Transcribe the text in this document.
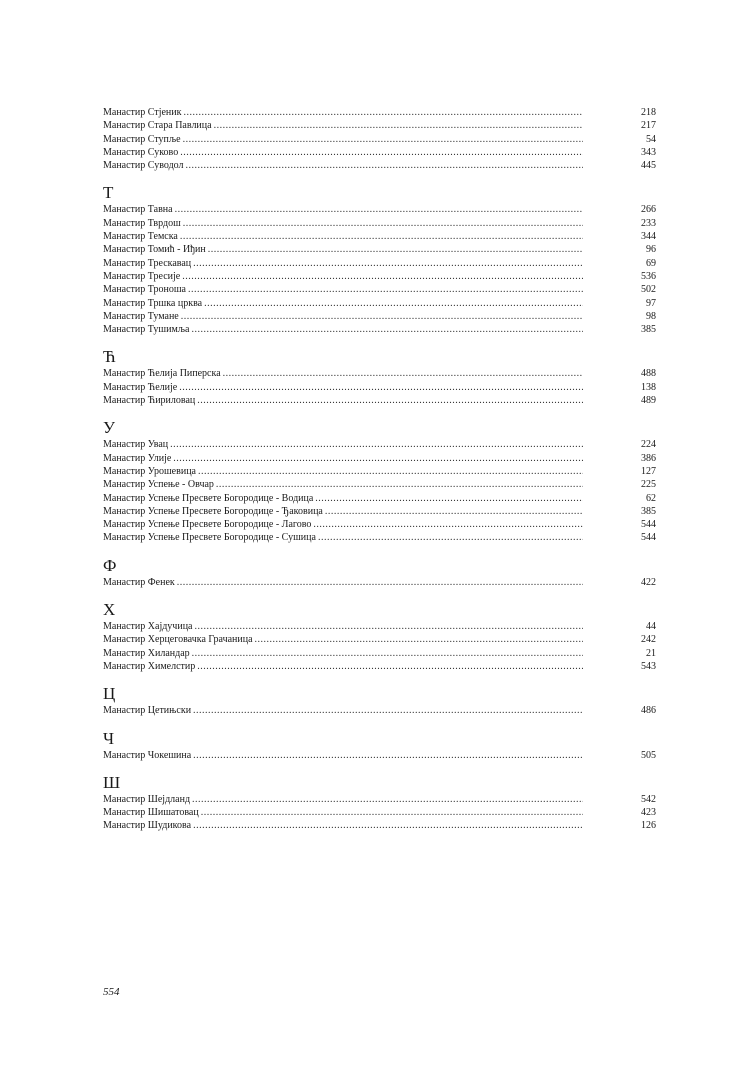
Манастир Стјеник .....	218
Манастир Стара Павлица .....	217
Манастир Ступље .....	54
Манастир Суково .....	343
Манастир Суводол .....	445
Т
Манастир Тавна .....	266
Манастир Тврдош .....	233
Манастир Темска .....	344
Манастир Томић - Иђин .....	96
Манастир Трескавац .....	69
Манастир Тресије .....	536
Манастир Троноша .....	502
Манастир Тршка црква .....	97
Манастир Тумане .....	98
Манастир Тушимља .....	385
Ћ
Манастир Ћелија Пиперска .....	488
Манастир Ћелије .....	138
Манастир Ћириловац .....	489
У
Манастир Увац .....	224
Манастир Улије .....	386
Манастир Урошевица .....	127
Манастир Успење - Овчар .....	225
Манастир Успење Пресвете Богородице - Водица .....	62
Манастир Успење Пресвете Богородице - Ђаковица .....	385
Манастир Успење Пресвете Богородице - Лагово .....	544
Манастир Успење Пресвете Богородице - Сушица .....	544
Ф
Манастир Фенек .....	422
Х
Манастир Хајдучица .....	44
Манастир Херцеговачка Грачаница .....	242
Манастир Хиландар .....	21
Манастир Химелстир .....	543
Ц
Манастир Цетињски .....	486
Ч
Манастир Чокешина .....	505
Ш
Манастир Шејдланд .....	542
Манастир Шишатовац .....	423
Манастир Шудикова .....	126
554
